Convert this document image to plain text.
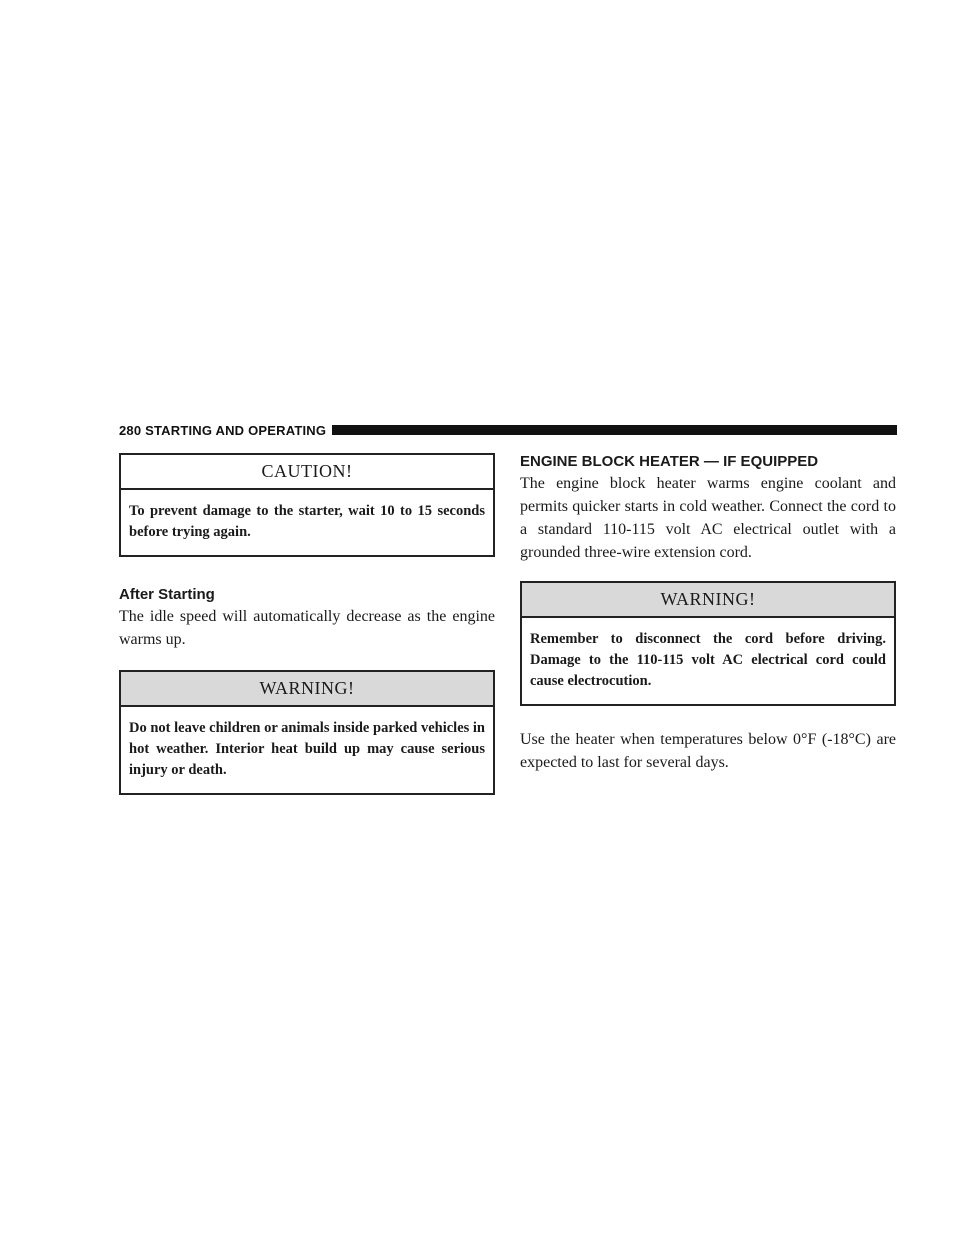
280 STARTING AND OPERATING
CAUTION!
To prevent damage to the starter, wait 10 to 15 seconds before trying again.
After Starting

The idle speed will automatically decrease as the engine warms up.

WARNING!
Do not leave children or animals inside parked vehicles in hot weather. Interior heat build up may cause serious injury or death.
ENGINE BLOCK HEATER — IF EQUIPPED

The engine block heater warms engine coolant and permits quicker starts in cold weather. Connect the cord to a standard 110-115 volt AC electrical outlet with a grounded three-wire extension cord.

WARNING!
Remember to disconnect the cord before driving. Damage to the 110-115 volt AC electrical cord could cause electrocution.

Use the heater when temperatures below 0°F (-18°C) are expected to last for several days.
